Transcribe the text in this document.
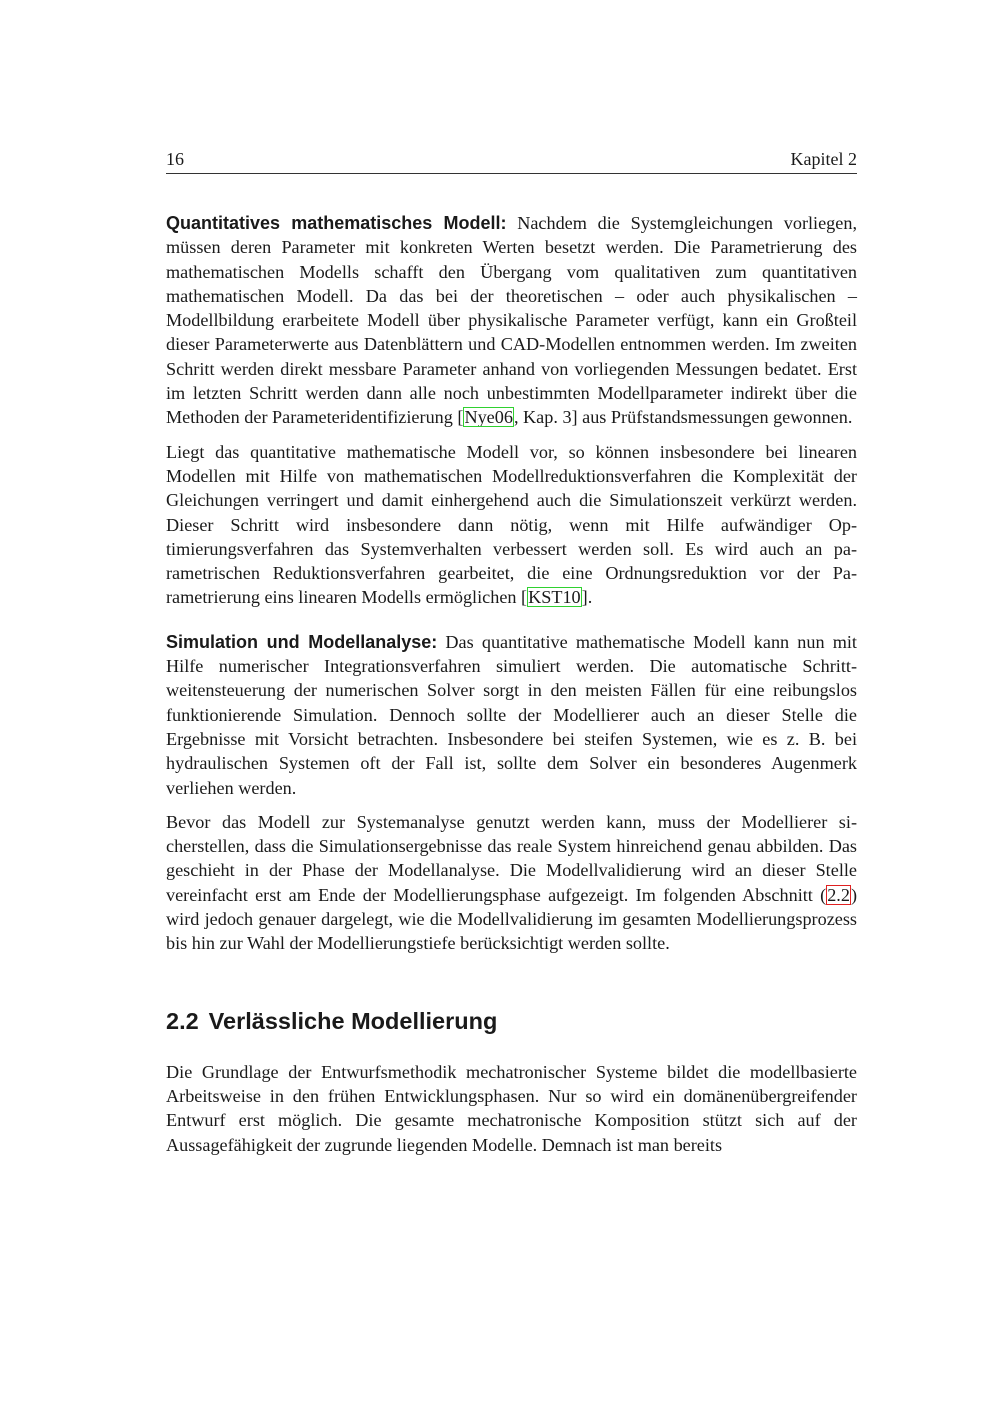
16	Kapitel 2

Quantitatives mathematisches Modell: Nachdem die Systemgleichungen vorliegen, müssen deren Parameter mit konkreten Werten besetzt werden. Die Parametrierung des mathematischen Modells schafft den Übergang vom qualitativen zum quantitativen mathematischen Modell. Da das bei der theoretischen – oder auch physikalischen – Modellbildung erarbeitete Modell über physikalische Parameter verfügt, kann ein Großteil dieser Parameterwerte aus Datenblättern und CAD-Modellen entnommen werden. Im zweiten Schritt werden direkt messbare Parameter anhand von vorliegenden Messungen bedatet. Erst im letzten Schritt werden dann alle noch unbestimmten Modellparameter indirekt über die Methoden der Parameteridentifizierung [Nye06, Kap. 3] aus Prüfstandsmessungen gewonnen.

Liegt das quantitative mathematische Modell vor, so können insbesondere bei linearen Modellen mit Hilfe von mathematischen Modellreduktionsverfahren die Komplexität der Gleichungen verringert und damit einhergehend auch die Simulationszeit verkürzt werden. Dieser Schritt wird insbesondere dann nötig, wenn mit Hilfe aufwändiger Optimierungsverfahren das Systemverhalten verbessert werden soll. Es wird auch an parametrischen Reduktionsverfahren gearbeitet, die eine Ordnungsreduktion vor der Parametrierung eins linearen Modells ermöglichen [KST10].

Simulation und Modellanalyse: Das quantitative mathematische Modell kann nun mit Hilfe numerischer Integrationsverfahren simuliert werden. Die automatische Schrittweitensteuerung der numerischen Solver sorgt in den meisten Fällen für eine reibungslos funktionierende Simulation. Dennoch sollte der Modellierer auch an dieser Stelle die Ergebnisse mit Vorsicht betrachten. Insbesondere bei steifen Systemen, wie es z. B. bei hydraulischen Systemen oft der Fall ist, sollte dem Solver ein besonderes Augenmerk verliehen werden.

Bevor das Modell zur Systemanalyse genutzt werden kann, muss der Modellierer sicherstellen, dass die Simulationsergebnisse das reale System hinreichend genau abbilden. Das geschieht in der Phase der Modellanalyse. Die Modellvalidierung wird an dieser Stelle vereinfacht erst am Ende der Modellierungsphase aufgezeigt. Im folgenden Abschnitt (2.2) wird jedoch genauer dargelegt, wie die Modellvalidierung im gesamten Modellierungsprozess bis hin zur Wahl der Modellierungstiefe berücksichtigt werden sollte.

2.2 Verlässliche Modellierung

Die Grundlage der Entwurfsmethodik mechatronischer Systeme bildet die modellbasierte Arbeitsweise in den frühen Entwicklungsphasen. Nur so wird ein domänenübergreifender Entwurf erst möglich. Die gesamte mechatronische Komposition stützt sich auf der Aussagefähigkeit der zugrunde liegenden Modelle. Demnach ist man bereits
